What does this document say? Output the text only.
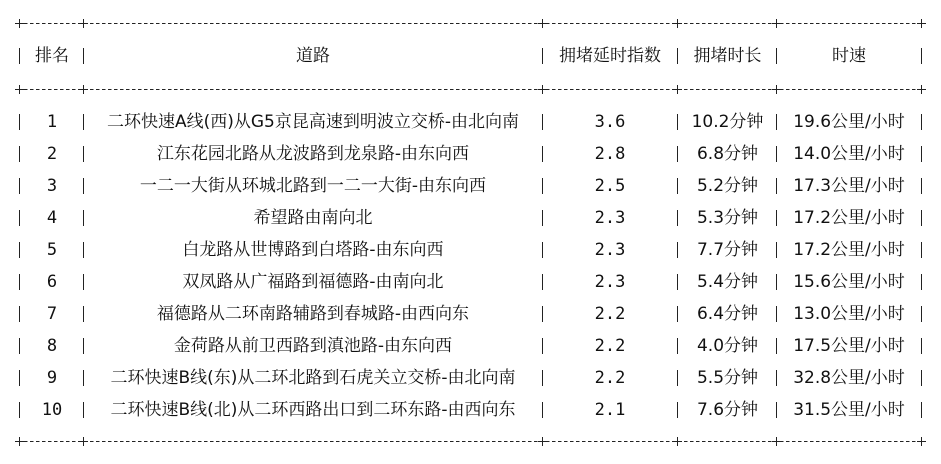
排名	道路	拥堵延时指数	拥堵时长	时速
1	二环快速A线(西)从G5京昆高速到明波立交桥-由北向南	3.6	10.2分钟	19.6公里/小时
2	江东花园北路从龙波路到龙泉路-由东向西	2.8	6.8分钟	14.0公里/小时
3	一二一大街从环城北路到一二一大街-由东向西	2.5	5.2分钟	17.3公里/小时
4	希望路由南向北	2.3	5.3分钟	17.2公里/小时
5	白龙路从世博路到白塔路-由东向西	2.3	7.7分钟	17.2公里/小时
6	双凤路从广福路到福德路-由南向北	2.3	5.4分钟	15.6公里/小时
7	福德路从二环南路辅路到春城路-由西向东	2.2	6.4分钟	13.0公里/小时
8	金荷路从前卫西路到滇池路-由东向西	2.2	4.0分钟	17.5公里/小时
9	二环快速B线(东)从二环北路到石虎关立交桥-由北向南	2.2	5.5分钟	32.8公里/小时
10	二环快速B线(北)从二环西路出口到二环东路-由西向东	2.1	7.6分钟	31.5公里/小时
